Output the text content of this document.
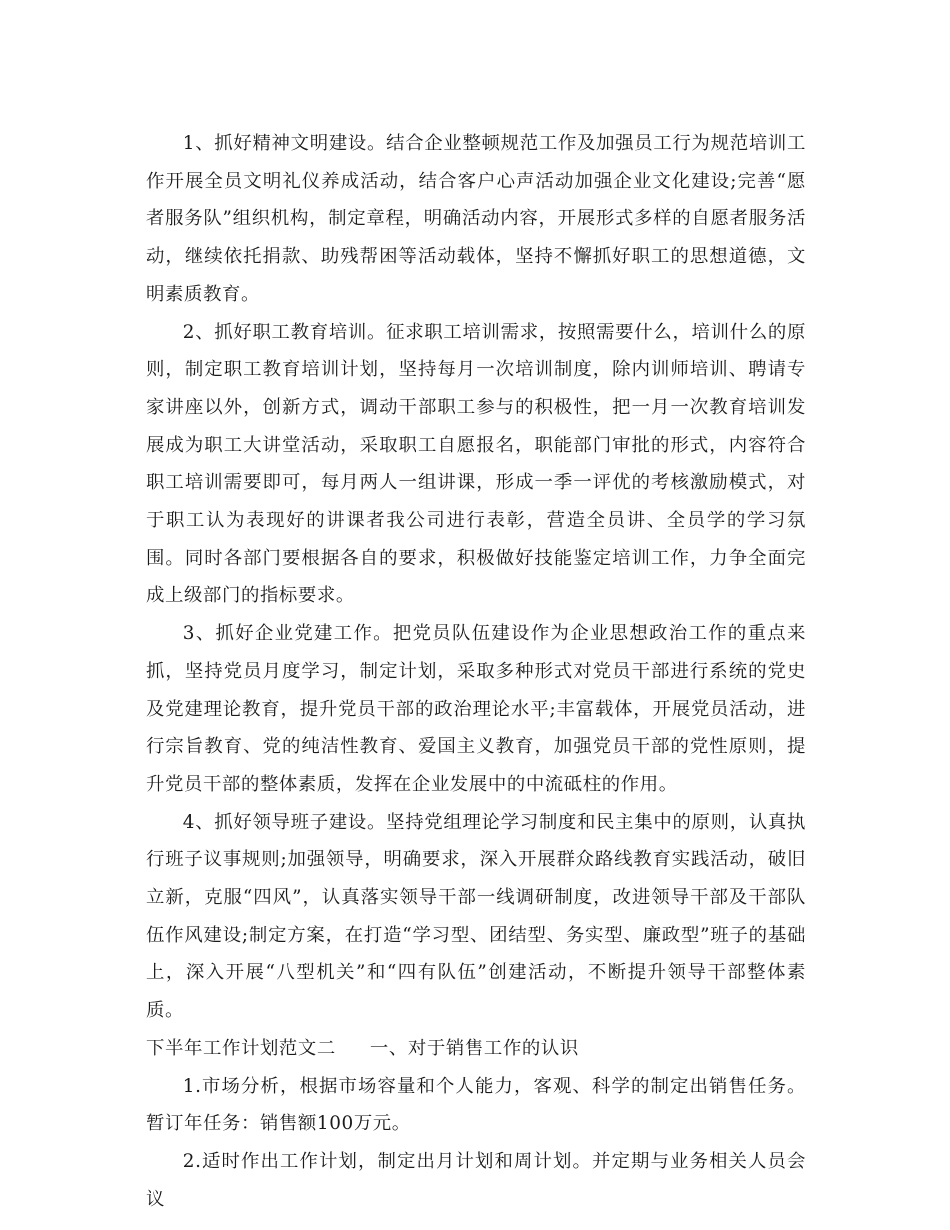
1、抓好精神文明建设。结合企业整顿规范工作及加强员工行为规范培训工作开展全员文明礼仪养成活动，结合客户心声活动加强企业文化建设;完善“愿者服务队”组织机构，制定章程，明确活动内容，开展形式多样的自愿者服务活动，继续依托捐款、助残帮困等活动载体，坚持不懈抓好职工的思想道德，文明素质教育。

2、抓好职工教育培训。征求职工培训需求，按照需要什么，培训什么的原则，制定职工教育培训计划，坚持每月一次培训制度，除内训师培训、聘请专家讲座以外，创新方式，调动干部职工参与的积极性，把一月一次教育培训发展成为职工大讲堂活动，采取职工自愿报名，职能部门审批的形式，内容符合职工培训需要即可，每月两人一组讲课，形成一季一评优的考核激励模式，对于职工认为表现好的讲课者我公司进行表彰，营造全员讲、全员学的学习氛围。同时各部门要根据各自的要求，积极做好技能鉴定培训工作，力争全面完成上级部门的指标要求。

3、抓好企业党建工作。把党员队伍建设作为企业思想政治工作的重点来抓，坚持党员月度学习，制定计划，采取多种形式对党员干部进行系统的党史及党建理论教育，提升党员干部的政治理论水平;丰富载体，开展党员活动，进行宗旨教育、党的纯洁性教育、爱国主义教育，加强党员干部的党性原则，提升党员干部的整体素质，发挥在企业发展中的中流砥柱的作用。

4、抓好领导班子建设。坚持党组理论学习制度和民主集中的原则，认真执行班子议事规则;加强领导，明确要求，深入开展群众路线教育实践活动，破旧立新，克服“四风”，认真落实领导干部一线调研制度，改进领导干部及干部队伍作风建设;制定方案，在打造“学习型、团结型、务实型、廉政型”班子的基础上，深入开展“八型机关”和“四有队伍”创建活动，不断提升领导干部整体素质。

下半年工作计划范文二 一、对于销售工作的认识

1.市场分析，根据市场容量和个人能力，客观、科学的制定出销售任务。暂订年任务：销售额100万元。

2.适时作出工作计划，制定出月计划和周计划。并定期与业务相关人员会议
